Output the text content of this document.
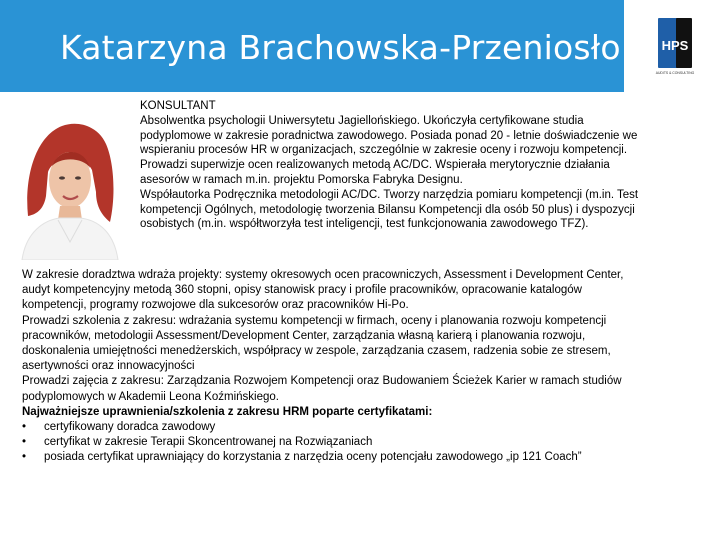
Katarzyna Brachowska-Przeniosło	HPS
AUDITS & CONSULTING

KONSULTANT

Absolwentka psychologii Uniwersytetu Jagiellońskiego. Ukończyła certyfikowane studia

podyplomowe w zakresie poradnictwa zawodowego. Posiada ponad 20 - letnie doświadczenie we

wspieraniu procesów HR w organizacjach, szczególnie w zakresie oceny i rozwoju kompetencji.

Prowadzi superwizje ocen realizowanych metodą AC/DC. Wspierała merytorycznie działania

asesorów w ramach m.in. projektu Pomorska Fabryka Designu.

Współautorka Podręcznika metodologii AC/DC. Tworzy narzędzia pomiaru kompetencji (m.in. Test

kompetencji Ogólnych, metodologię tworzenia Bilansu Kompetencji dla osób 50 plus) i dyspozycji

osobistych (m.in. współtworzyła test inteligencji, test funkcjonowania zawodowego TFZ).

W zakresie doradztwa wdraża projekty: systemy okresowych ocen pracowniczych, Assessment i Development Center,

audyt kompetencyjny metodą 360 stopni, opisy stanowisk pracy i profile pracowników, opracowanie katalogów

kompetencji, programy rozwojowe dla sukcesorów oraz pracowników Hi-Po.

Prowadzi szkolenia z zakresu: wdrażania systemu kompetencji w firmach, oceny i planowania rozwoju kompetencji

pracowników, metodologii Assessment/Development Center, zarządzania własną karierą i planowania rozwoju,

doskonalenia umiejętności menedżerskich, współpracy w zespole, zarządzania czasem, radzenia sobie ze stresem,

asertywności oraz innowacyjności

Prowadzi zajęcia z zakresu: Zarządzania Rozwojem Kompetencji oraz Budowaniem Ścieżek Karier w ramach studiów

podyplomowych w Akademii Leona Koźmińskiego.

Najważniejsze uprawnienia/szkolenia z zakresu HRM poparte certyfikatami:

• certyfikowany doradca zawodowy
• certyfikat w zakresie Terapii Skoncentrowanej na Rozwiązaniach
• posiada certyfikat uprawniający do korzystania z narzędzia oceny potencjału zawodowego „ip 121 Coach”
